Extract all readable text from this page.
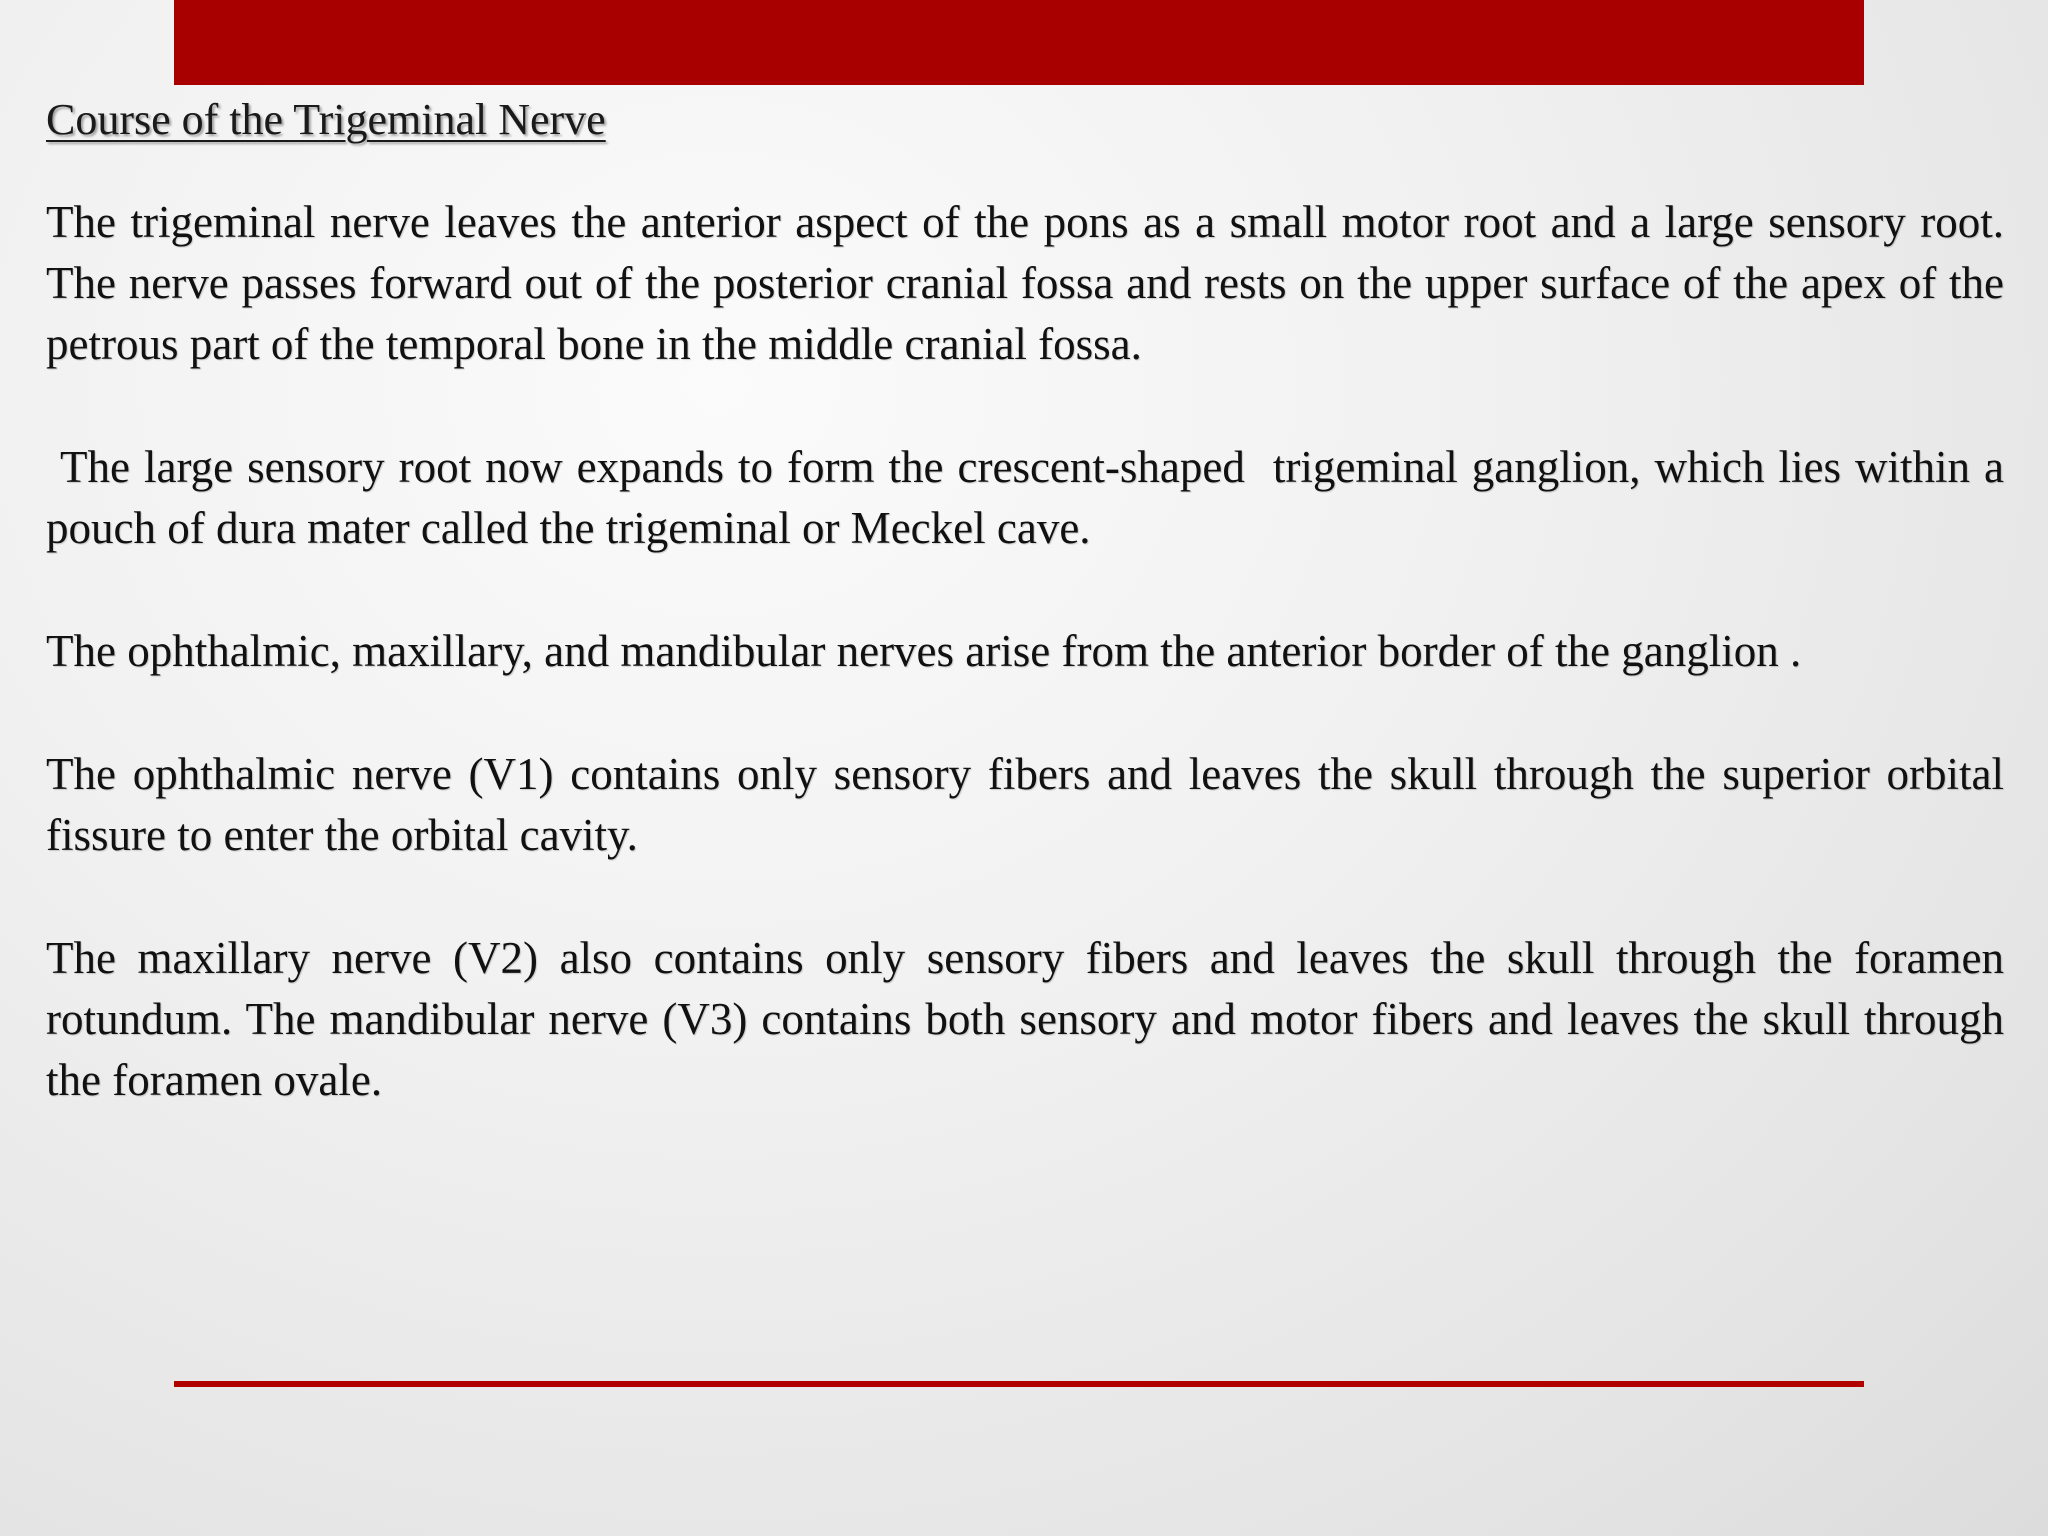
Course of the Trigeminal Nerve

The trigeminal nerve leaves the anterior aspect of the pons as a small motor root and a large sensory root. The nerve passes forward out of the posterior cranial fossa and rests on the upper surface of the apex of the petrous part of the temporal bone in the middle cranial fossa.

The large sensory root now expands to form the crescent-shaped  trigeminal ganglion, which lies within a pouch of dura mater called the trigeminal or Meckel cave.

The ophthalmic, maxillary, and mandibular nerves arise from the anterior border of the ganglion .

The ophthalmic nerve (V1) contains only sensory fibers and leaves the skull through the superior orbital fissure to enter the orbital cavity.

The maxillary nerve (V2) also contains only sensory fibers and leaves the skull through the foramen rotundum. The mandibular nerve (V3) contains both sensory and motor fibers and leaves the skull through the foramen ovale.
